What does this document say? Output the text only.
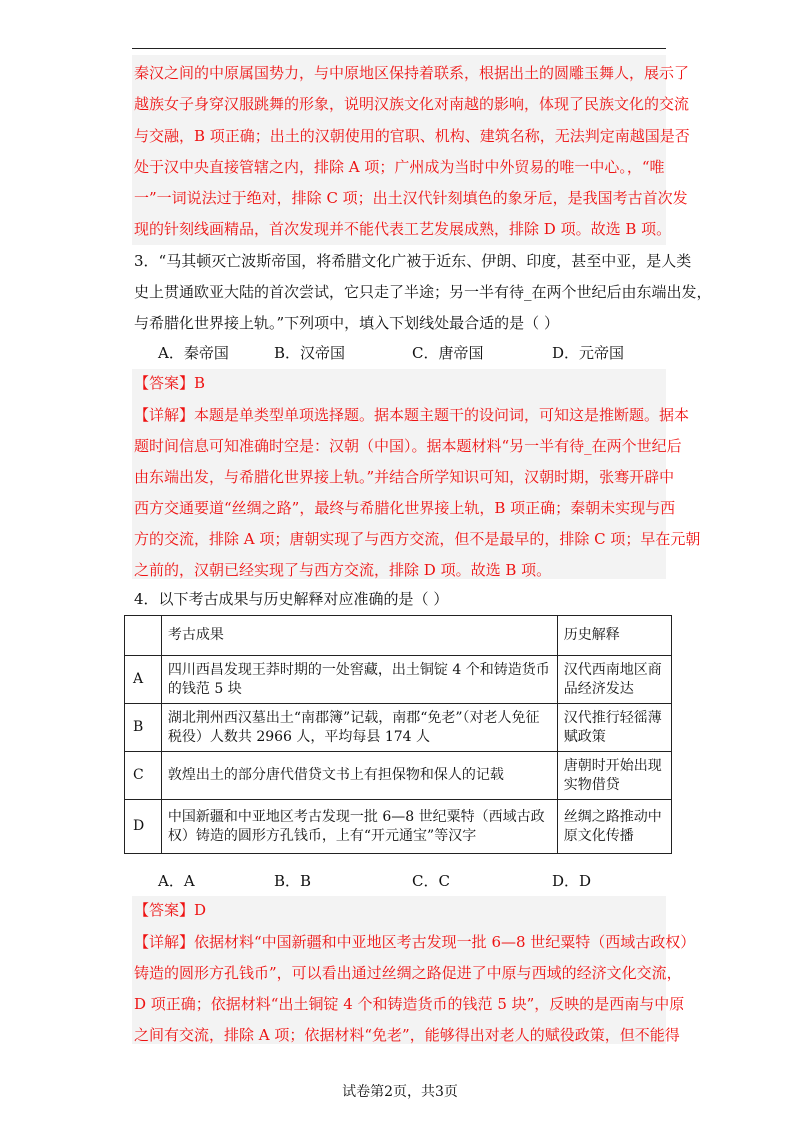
秦汉之间的中原属国势力，与中原地区保持着联系，根据出土的圆雕玉舞人，展示了
越族女子身穿汉服跳舞的形象，说明汉族文化对南越的影响，体现了民族文化的交流
与交融，B 项正确；出土的汉朝使用的官职、机构、建筑名称，无法判定南越国是否
处于汉中央直接管辖之内，排除 A 项；广州成为当时中外贸易的唯一中心。，“唯
一”一词说法过于绝对，排除 C 项；出土汉代针刻填色的象牙卮，是我国考古首次发
现的针刻线画精品，首次发现并不能代表工艺发展成熟，排除 D 项。故选 B 项。
3．“马其顿灭亡波斯帝国，将希腊文化广被于近东、伊朗、印度，甚至中亚，是人类
史上贯通欧亚大陆的首次尝试，它只走了半途；另一半有待_在两个世纪后由东端出发，
与希腊化世界接上轨。”下列项中，填入下划线处最合适的是（ ）
A．秦帝国	B．汉帝国	C．唐帝国	D．元帝国
【答案】B
【详解】本题是单类型单项选择题。据本题主题干的设问词，可知这是推断题。据本
题时间信息可知准确时空是：汉朝（中国）。据本题材料“另一半有待_在两个世纪后
由东端出发，与希腊化世界接上轨。”并结合所学知识可知，汉朝时期，张骞开辟中
西方交通要道“丝绸之路”，最终与希腊化世界接上轨，B 项正确；秦朝未实现与西
方的交流，排除 A 项；唐朝实现了与西方交流，但不是最早的，排除 C 项；早在元朝
之前的，汉朝已经实现了与西方交流，排除 D 项。故选 B 项。
4．以下考古成果与历史解释对应准确的是（ ）
	考古成果	历史解释
A	四川西昌发现王莽时期的一处窖藏，出土铜锭 4 个和铸造货币的钱范 5 块	汉代西南地区商品经济发达
B	湖北荆州西汉墓出土“南郡簿”记载，南郡“免老”（对老人免征税役）人数共 2966 人，平均每县 174 人	汉代推行轻徭薄赋政策
C	敦煌出土的部分唐代借贷文书上有担保物和保人的记载	唐朝时开始出现实物借贷
D	中国新疆和中亚地区考古发现一批 6—8 世纪粟特（西域古政权）铸造的圆形方孔钱币，上有“开元通宝”等汉字	丝绸之路推动中原文化传播
A．A	B．B	C．C	D．D
【答案】D
【详解】依据材料“中国新疆和中亚地区考古发现一批 6—8 世纪粟特（西域古政权）
铸造的圆形方孔钱币”，可以看出通过丝绸之路促进了中原与西域的经济文化交流，
D 项正确；依据材料“出土铜锭 4 个和铸造货币的钱范 5 块”，反映的是西南与中原
之间有交流，排除 A 项；依据材料“免老”，能够得出对老人的赋役政策，但不能得
试卷第2页，共3页
